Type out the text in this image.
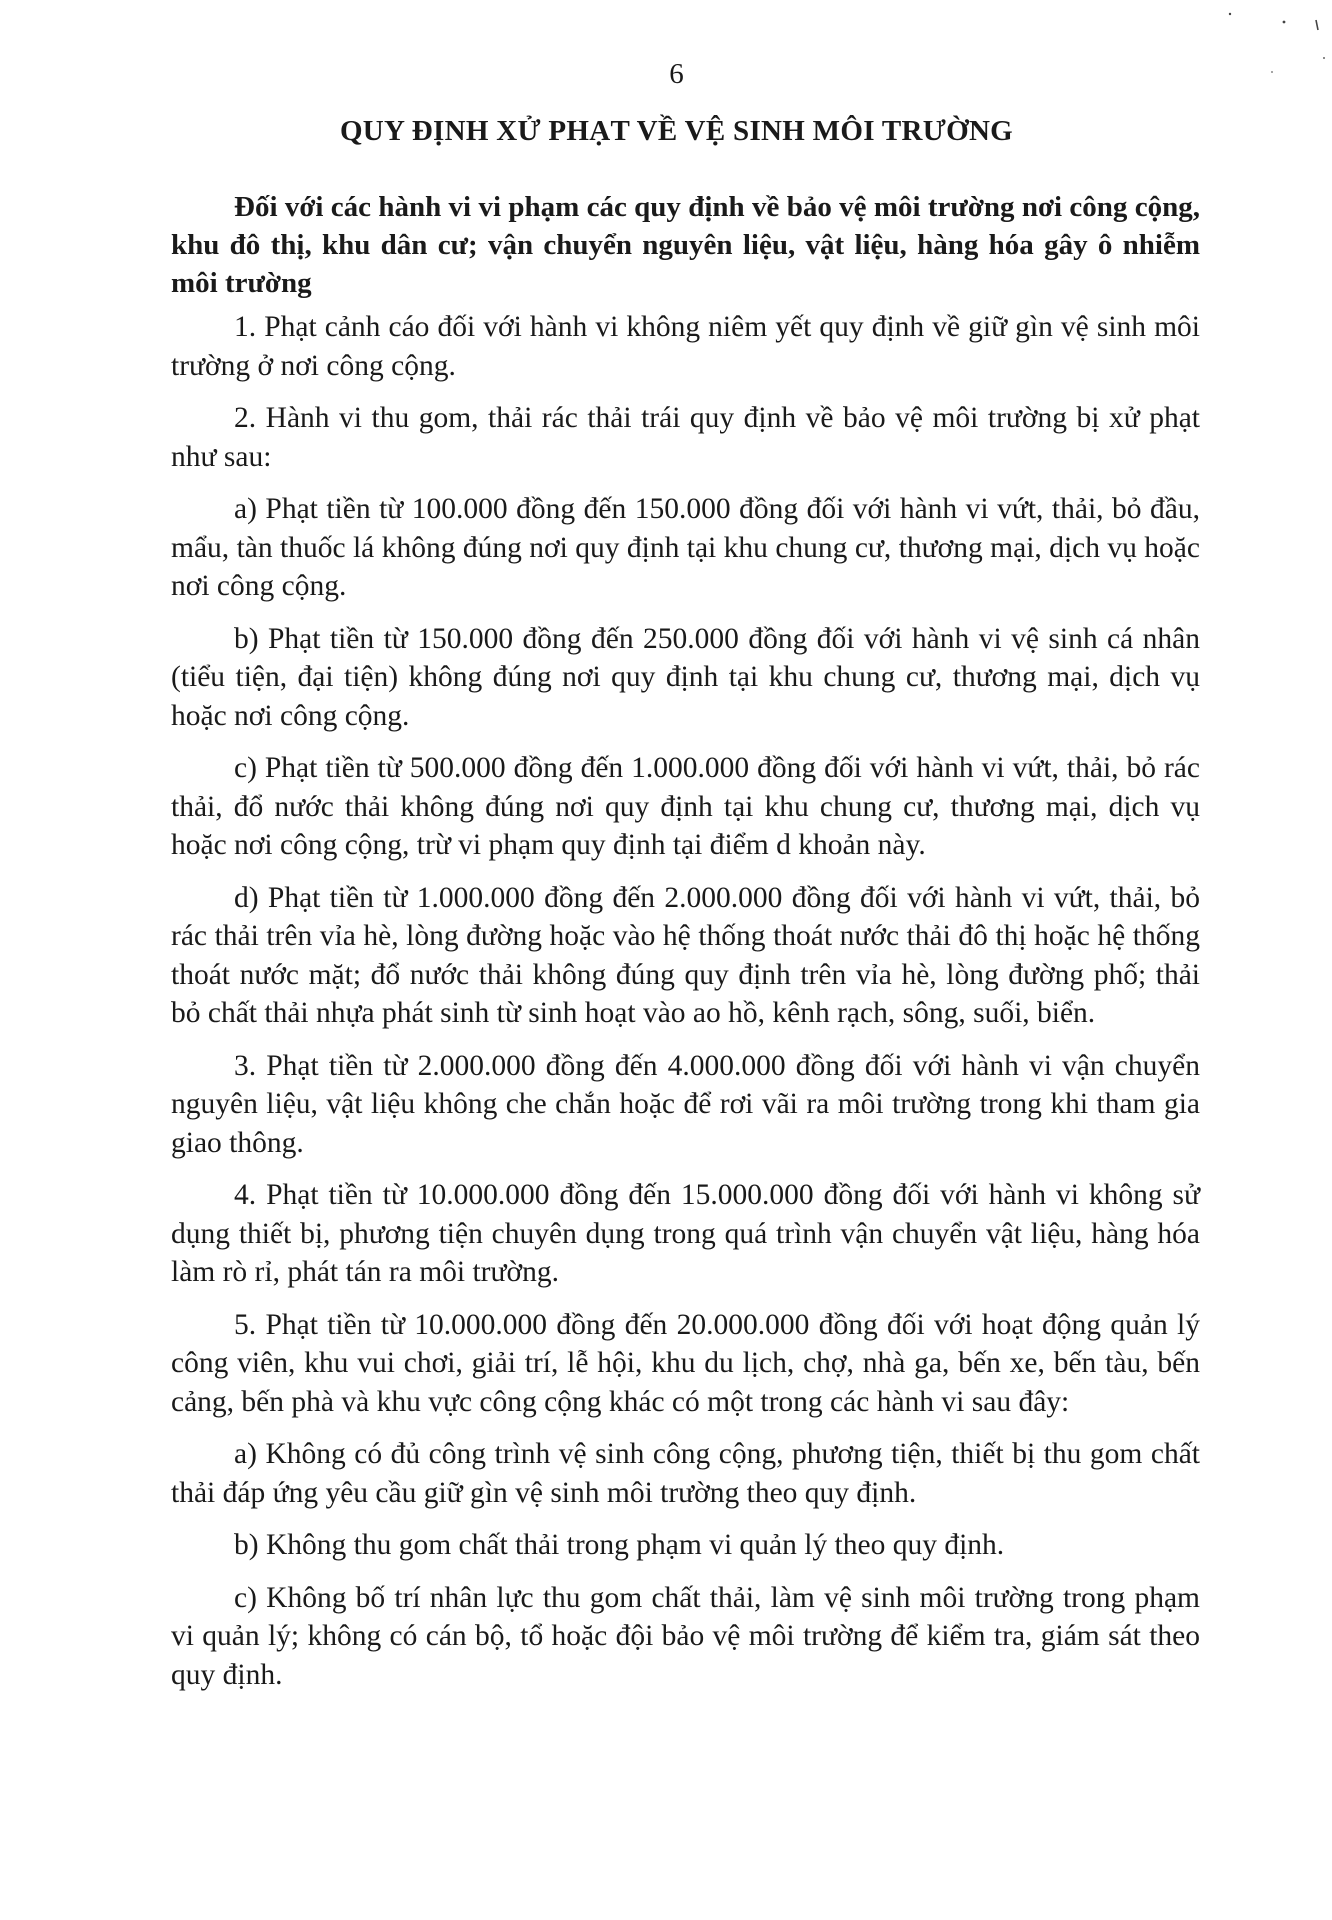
6
QUY ĐỊNH XỬ PHẠT VỀ VỆ SINH MÔI TRƯỜNG

Đối với các hành vi vi phạm các quy định về bảo vệ môi trường nơi công cộng, khu đô thị, khu dân cư; vận chuyển nguyên liệu, vật liệu, hàng hóa gây ô nhiễm môi trường

1. Phạt cảnh cáo đối với hành vi không niêm yết quy định về giữ gìn vệ sinh môi trường ở nơi công cộng.

2. Hành vi thu gom, thải rác thải trái quy định về bảo vệ môi trường bị xử phạt như sau:

a) Phạt tiền từ 100.000 đồng đến 150.000 đồng đối với hành vi vứt, thải, bỏ đầu, mẩu, tàn thuốc lá không đúng nơi quy định tại khu chung cư, thương mại, dịch vụ hoặc nơi công cộng.

b) Phạt tiền từ 150.000 đồng đến 250.000 đồng đối với hành vi vệ sinh cá nhân (tiểu tiện, đại tiện) không đúng nơi quy định tại khu chung cư, thương mại, dịch vụ hoặc nơi công cộng.

c) Phạt tiền từ 500.000 đồng đến 1.000.000 đồng đối với hành vi vứt, thải, bỏ rác thải, đổ nước thải không đúng nơi quy định tại khu chung cư, thương mại, dịch vụ hoặc nơi công cộng, trừ vi phạm quy định tại điểm d khoản này.

d) Phạt tiền từ 1.000.000 đồng đến 2.000.000 đồng đối với hành vi vứt, thải, bỏ rác thải trên vỉa hè, lòng đường hoặc vào hệ thống thoát nước thải đô thị hoặc hệ thống thoát nước mặt; đổ nước thải không đúng quy định trên vỉa hè, lòng đường phố; thải bỏ chất thải nhựa phát sinh từ sinh hoạt vào ao hồ, kênh rạch, sông, suối, biển.

3. Phạt tiền từ 2.000.000 đồng đến 4.000.000 đồng đối với hành vi vận chuyển nguyên liệu, vật liệu không che chắn hoặc để rơi vãi ra môi trường trong khi tham gia giao thông.

4. Phạt tiền từ 10.000.000 đồng đến 15.000.000 đồng đối với hành vi không sử dụng thiết bị, phương tiện chuyên dụng trong quá trình vận chuyển vật liệu, hàng hóa làm rò rỉ, phát tán ra môi trường.

5. Phạt tiền từ 10.000.000 đồng đến 20.000.000 đồng đối với hoạt động quản lý công viên, khu vui chơi, giải trí, lễ hội, khu du lịch, chợ, nhà ga, bến xe, bến tàu, bến cảng, bến phà và khu vực công cộng khác có một trong các hành vi sau đây:

a) Không có đủ công trình vệ sinh công cộng, phương tiện, thiết bị thu gom chất thải đáp ứng yêu cầu giữ gìn vệ sinh môi trường theo quy định.

b) Không thu gom chất thải trong phạm vi quản lý theo quy định.

c) Không bố trí nhân lực thu gom chất thải, làm vệ sinh môi trường trong phạm vi quản lý; không có cán bộ, tổ hoặc đội bảo vệ môi trường để kiểm tra, giám sát theo quy định.
